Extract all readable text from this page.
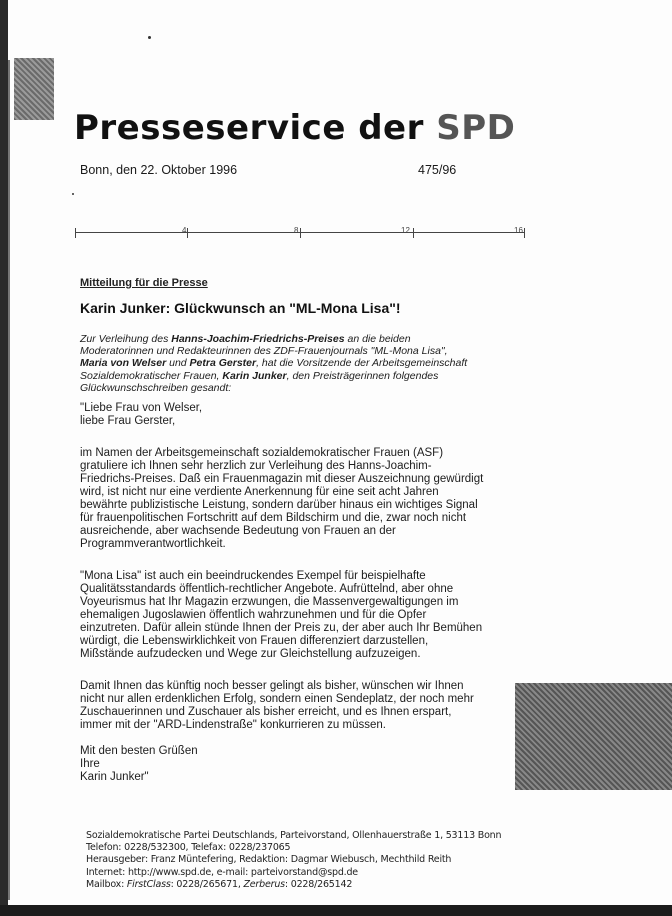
Presseservice der SPD
Bonn, den 22. Oktober 1996	475/96
4	8	12	16
Mitteilung für die Presse
Karin Junker: Glückwunsch an "ML-Mona Lisa"!
Zur Verleihung des Hanns-Joachim-Friedrichs-Preises an die beiden
Moderatorinnen und Redakteurinnen des ZDF-Frauenjournals "ML-Mona Lisa",
Maria von Welser und Petra Gerster, hat die Vorsitzende der Arbeitsgemeinschaft
Sozialdemokratischer Frauen, Karin Junker, den Preisträgerinnen folgendes
Glückwunschschreiben gesandt:
"Liebe Frau von Welser,
liebe Frau Gerster,
im Namen der Arbeitsgemeinschaft sozialdemokratischer Frauen (ASF)
gratuliere ich Ihnen sehr herzlich zur Verleihung des Hanns-Joachim-
Friedrichs-Preises. Daß ein Frauenmagazin mit dieser Auszeichnung gewürdigt
wird, ist nicht nur eine verdiente Anerkennung für eine seit acht Jahren
bewährte publizistische Leistung, sondern darüber hinaus ein wichtiges Signal
für frauenpolitischen Fortschritt auf dem Bildschirm und die, zwar noch nicht
ausreichende, aber wachsende Bedeutung von Frauen an der
Programmverantwortlichkeit.
"Mona Lisa" ist auch ein beeindruckendes Exempel für beispielhafte
Qualitätsstandards öffentlich-rechtlicher Angebote. Aufrüttelnd, aber ohne
Voyeurismus hat Ihr Magazin erzwungen, die Massenvergewaltigungen im
ehemaligen Jugoslawien öffentlich wahrzunehmen und für die Opfer
einzutreten. Dafür allein stünde Ihnen der Preis zu, der aber auch Ihr Bemühen
würdigt, die Lebenswirklichkeit von Frauen differenziert darzustellen,
Mißstände aufzudecken und Wege zur Gleichstellung aufzuzeigen.
Damit Ihnen das künftig noch besser gelingt als bisher, wünschen wir Ihnen
nicht nur allen erdenklichen Erfolg, sondern einen Sendeplatz, der noch mehr
Zuschauerinnen und Zuschauer als bisher erreicht, und es Ihnen erspart,
immer mit der "ARD-Lindenstraße" konkurrieren zu müssen.
Mit den besten Grüßen
Ihre
Karin Junker"
Sozialdemokratische Partei Deutschlands, Parteivorstand, Ollenhauerstraße 1, 53113 Bonn
Telefon: 0228/532300, Telefax: 0228/237065
Herausgeber: Franz Müntefering, Redaktion: Dagmar Wiebusch, Mechthild Reith
Internet: http://www.spd.de, e-mail: parteivorstand@spd.de
Mailbox: FirstClass: 0228/265671, Zerberus: 0228/265142
